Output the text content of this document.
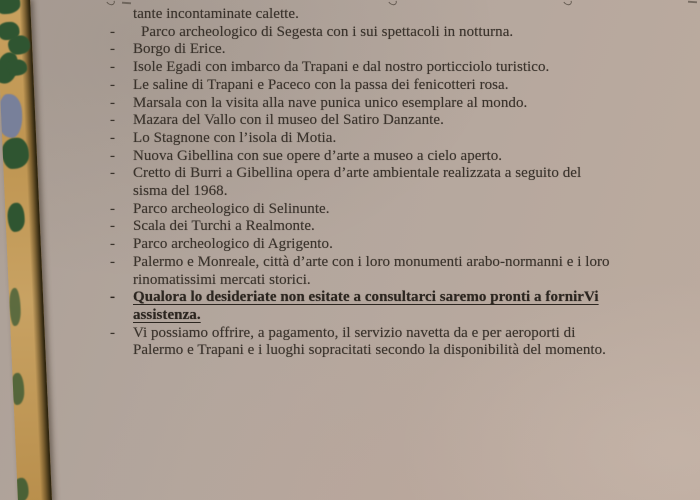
tante incontaminate calette.
- Parco archeologico di Segesta con i sui spettacoli in notturna.
- Borgo di Erice.
- Isole Egadi con imbarco da Trapani e dal nostro porticciolo turistico.
- Le saline di Trapani e Paceco con la passa dei fenicotteri rosa.
- Marsala con la visita alla nave punica unico esemplare al mondo.
- Mazara del Vallo con il museo del Satiro Danzante.
- Lo Stagnone con l’isola di Motia.
- Nuova Gibellina con sue opere d’arte a museo a cielo aperto.
- Cretto di Burri a Gibellina opera d’arte ambientale realizzata a seguito del
sisma del 1968.
- Parco archeologico di Selinunte.
- Scala dei Turchi a Realmonte.
- Parco archeologico di Agrigento.
- Palermo e Monreale, città d’arte con i loro monumenti arabo-normanni e i loro
rinomatissimi mercati storici.
- Qualora lo desideriate non esitate a consultarci saremo pronti a fornirVi
assistenza.
- Vi possiamo offrire, a pagamento, il servizio navetta da e per aeroporti di
Palermo e Trapani e i luoghi sopracitati secondo la disponibilità del momento.
